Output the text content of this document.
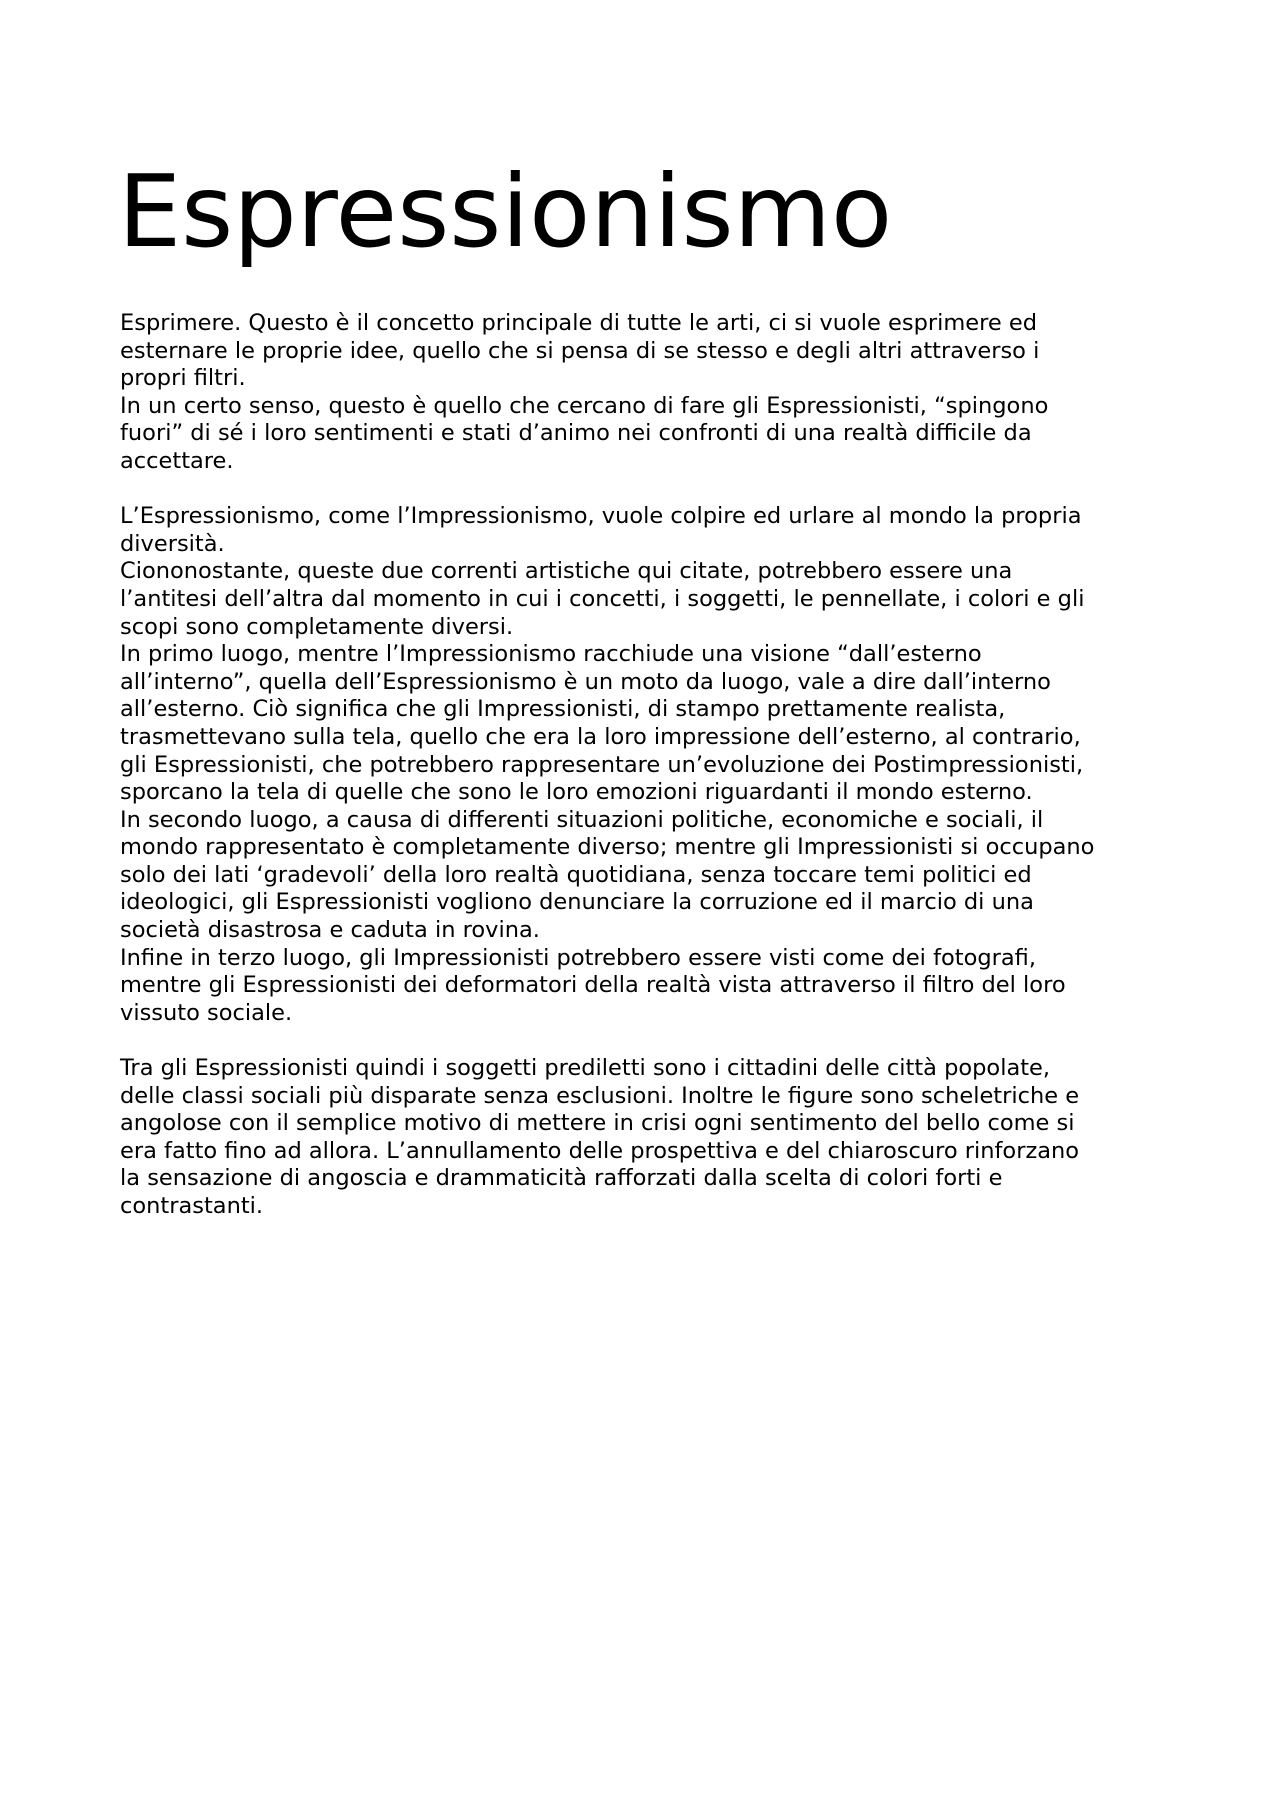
Espressionismo

Esprimere. Questo è il concetto principale di tutte le arti, ci si vuole esprimere ed
esternare le proprie idee, quello che si pensa di se stesso e degli altri attraverso i
propri filtri.

In un certo senso, questo è quello che cercano di fare gli Espressionisti, “spingono
fuori” di sé i loro sentimenti e stati d’animo nei confronti di una realtà difficile da
accettare.

L’Espressionismo, come l’Impressionismo, vuole colpire ed urlare al mondo la propria
diversità.

Ciononostante, queste due correnti artistiche qui citate, potrebbero essere una
l’antitesi dell’altra dal momento in cui i concetti, i soggetti, le pennellate, i colori e gli
scopi sono completamente diversi.

In primo luogo, mentre l’Impressionismo racchiude una visione “dall’esterno
all’interno”, quella dell’Espressionismo è un moto da luogo, vale a dire dall’interno
all’esterno. Ciò significa che gli Impressionisti, di stampo prettamente realista,
trasmettevano sulla tela, quello che era la loro impressione dell’esterno, al contrario,
gli Espressionisti, che potrebbero rappresentare un’evoluzione dei Postimpressionisti,
sporcano la tela di quelle che sono le loro emozioni riguardanti il mondo esterno.

In secondo luogo, a causa di differenti situazioni politiche, economiche e sociali, il
mondo rappresentato è completamente diverso; mentre gli Impressionisti si occupano
solo dei lati ‘gradevoli’ della loro realtà quotidiana, senza toccare temi politici ed
ideologici, gli Espressionisti vogliono denunciare la corruzione ed il marcio di una
società disastrosa e caduta in rovina.

Infine in terzo luogo, gli Impressionisti potrebbero essere visti come dei fotografi,
mentre gli Espressionisti dei deformatori della realtà vista attraverso il filtro del loro
vissuto sociale.

Tra gli Espressionisti quindi i soggetti prediletti sono i cittadini delle città popolate,
delle classi sociali più disparate senza esclusioni. Inoltre le figure sono scheletriche e
angolose con il semplice motivo di mettere in crisi ogni sentimento del bello come si
era fatto fino ad allora. L’annullamento delle prospettiva e del chiaroscuro rinforzano
la sensazione di angoscia e drammaticità rafforzati dalla scelta di colori forti e
contrastanti.
